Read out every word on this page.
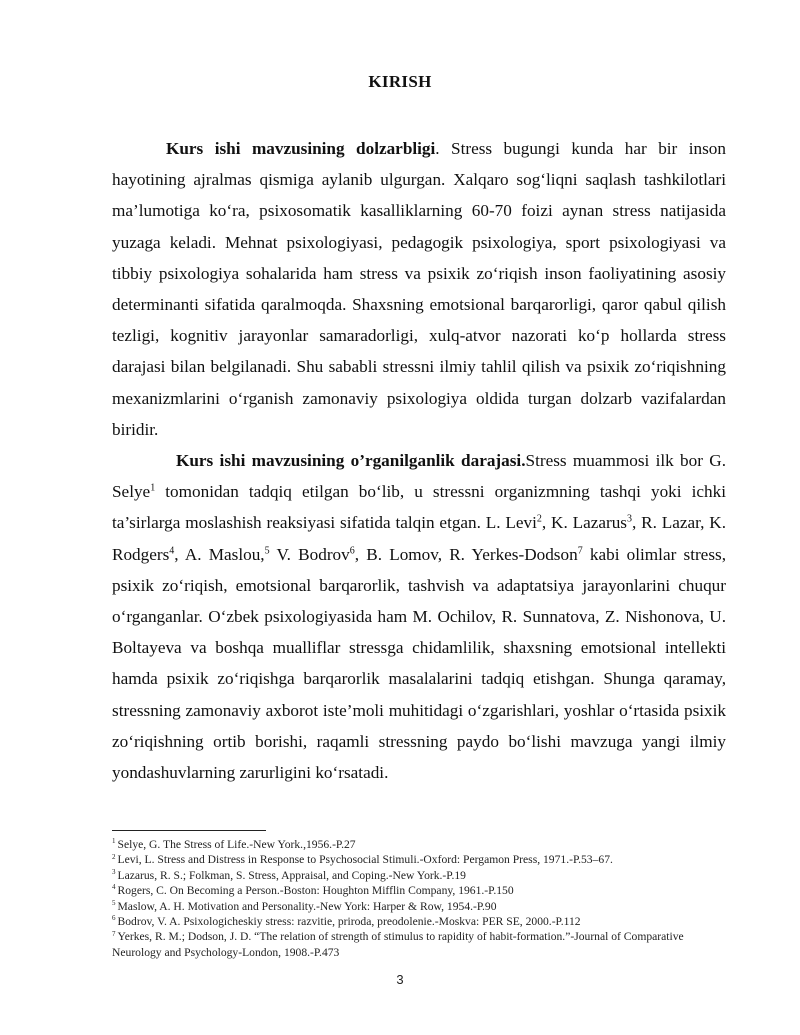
KIRISH

Kurs ishi mavzusining dolzarbligi. Stress bugungi kunda har bir inson hayotining ajralmas qismiga aylanib ulgurgan. Xalqaro sog‘liqni saqlash tashkilotlari ma’lumotiga ko‘ra, psixosomatik kasalliklarning 60-70 foizi aynan stress natijasida yuzaga keladi. Mehnat psixologiyasi, pedagogik psixologiya, sport psixologiyasi va tibbiy psixologiya sohalarida ham stress va psixik zo‘riqish inson faoliyatining asosiy determinanti sifatida qaralmoqda. Shaxsning emotsional barqarorligi, qaror qabul qilish tezligi, kognitiv jarayonlar samaradorligi, xulq-atvor nazorati ko‘p hollarda stress darajasi bilan belgilanadi. Shu sababli stressni ilmiy tahlil qilish va psixik zo‘riqishning mexanizmlarini o‘rganish zamonaviy psixologiya oldida turgan dolzarb vazifalardan biridir.

Kurs ishi mavzusining o’rganilganlik darajasi.Stress muammosi ilk bor G. Selye$^1$ tomonidan tadqiq etilgan bo‘lib, u stressni organizmning tashqi yoki ichki ta’sirlarga moslashish reaksiyasi sifatida talqin etgan. L. Levi$^2$, K. Lazarus$^3$, R. Lazar, K. Rodgers$^4$, A. Maslou,$^5$ V. Bodrov$^6$, B. Lomov, R. Yerkes-Dodson$^7$ kabi olimlar stress, psixik zo‘riqish, emotsional barqarorlik, tashvish va adaptatsiya jarayonlarini chuqur o‘rganganlar. O‘zbek psixologiyasida ham M. Ochilov, R. Sunnatova, Z. Nishonova, U. Boltayeva va boshqa mualliflar stressga chidamlilik, shaxsning emotsional intellekti hamda psixik zo‘riqishga barqarorlik masalalarini tadqiq etishgan. Shunga qaramay, stressning zamonaviy axborot iste’moli muhitidagi o‘zgarishlari, yoshlar o‘rtasida psixik zo‘riqishning ortib borishi, raqamli stressning paydo bo‘lishi mavzuga yangi ilmiy yondashuvlarning zarurligini ko‘rsatadi.

$^1$ Selye, G. The Stress of Life.-New York.,1956.-P.27

$^2$ Levi, L. Stress and Distress in Response to Psychosocial Stimuli.-Oxford: Pergamon Press, 1971.-P.53–67.

$^3$ Lazarus, R. S.; Folkman, S. Stress, Appraisal, and Coping.-New York.-P.19

$^4$ Rogers, C. On Becoming a Person.-Boston: Houghton Mifflin Company, 1961.-P.150

$^5$ Maslow, A. H. Motivation and Personality.-New York: Harper & Row, 1954.-P.90

$^6$ Bodrov, V. A. Psixologicheskiy stress: razvitie, priroda, preodolenie.-Moskva: PER SE, 2000.-P.112

$^7$ Yerkes, R. M.; Dodson, J. D. “The relation of strength of stimulus to rapidity of habit-formation.”-Journal of Comparative Neurology and Psychology-London, 1908.-P.473

3
